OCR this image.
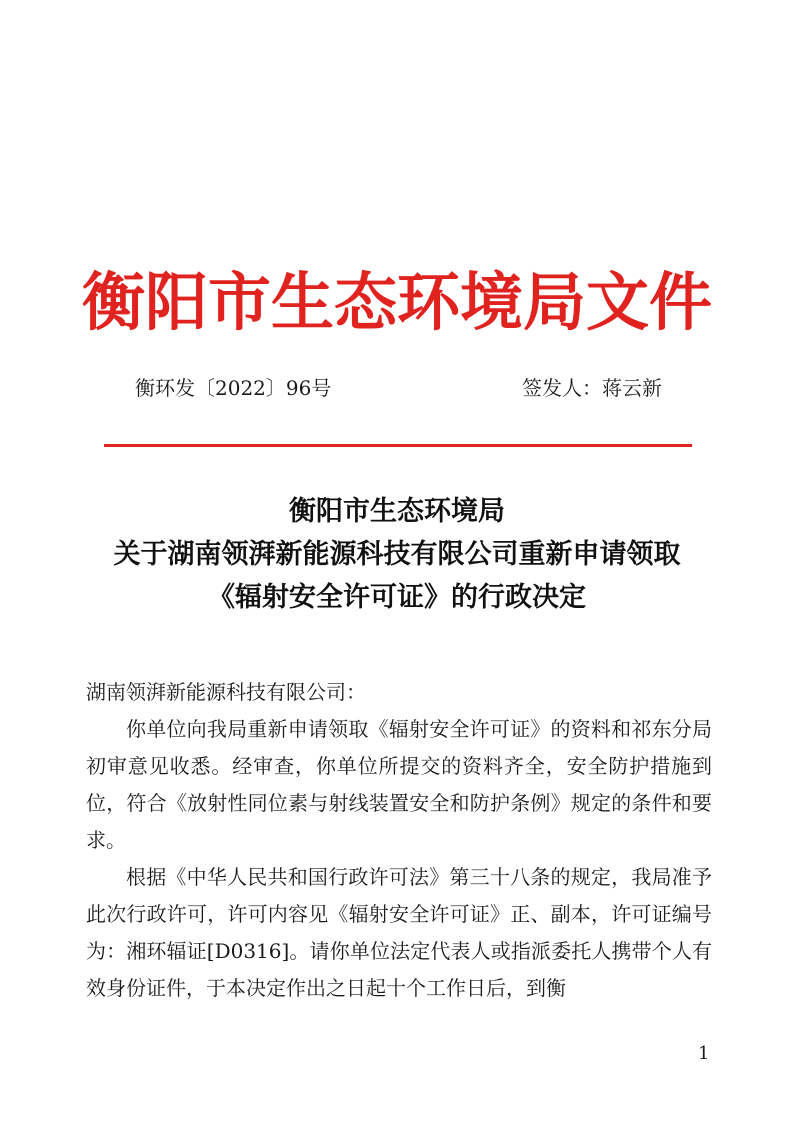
衡阳市生态环境局文件
衡环发〔2022〕96号	签发人：蒋云新
衡阳市生态环境局
关于湖南领湃新能源科技有限公司重新申请领取
《辐射安全许可证》的行政决定

湖南领湃新能源科技有限公司：

你单位向我局重新申请领取《辐射安全许可证》的资料和祁东分局初审意见收悉。经审查，你单位所提交的资料齐全，安全防护措施到位，符合《放射性同位素与射线装置安全和防护条例》规定的条件和要求。

根据《中华人民共和国行政许可法》第三十八条的规定，我局准予此次行政许可，许可内容见《辐射安全许可证》正、副本，许可证编号为：湘环辐证[D0316]。请你单位法定代表人或指派委托人携带个人有效身份证件，于本决定作出之日起十个工作日后，到衡

1
